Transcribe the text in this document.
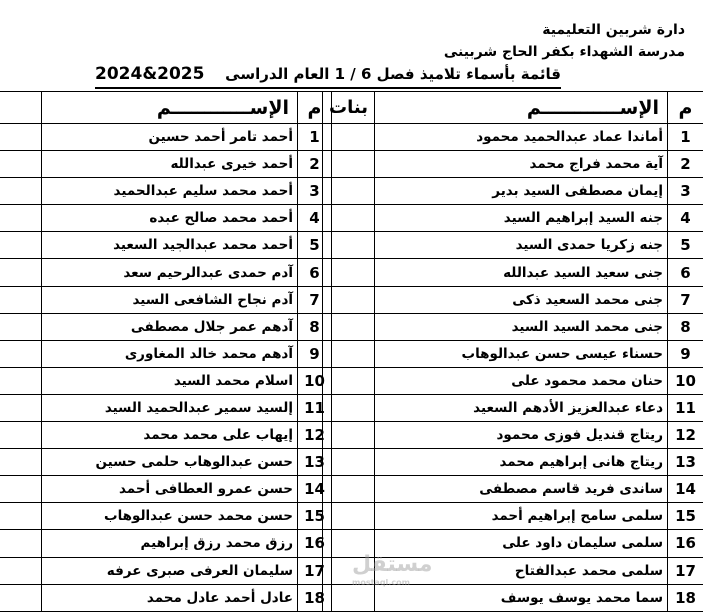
دارة شربين التعليمية
مدرسة الشهداء بكفر الحاج شربينى
قائمة بأسماء تلاميذ فصل 6 / 1 العام الدراسى
2024&2025
م	الإســــــــــــم	بنات
1	أماندا عماد عبدالحميد محمود	
2	آية محمد فراج محمد	
3	إيمان مصطفى السيد بدير	
4	جنه السيد إبراهيم السيد	
5	جنه زكريا حمدى السيد	
6	جنى سعيد السيد عبدالله	
7	جنى محمد السعيد ذكى	
8	جنى محمد السيد السيد	
9	حسناء عيسى حسن عبدالوهاب	
10	حنان محمد محمود على	
11	دعاء عبدالعزيز الأدهم السعيد	
12	ريتاج قنديل فوزى محمود	
13	ريتاج هانى إبراهيم محمد	
14	ساندى فريد قاسم مصطفى	
15	سلمى سامح إبراهيم أحمد	
16	سلمى سليمان داود على	
17	سلمى محمد عبدالفتاح	
18	سما محمد يوسف يوسف	
م	الإســــــــــــم	
1	أحمد تامر أحمد حسين	
2	أحمد خيرى عبدالله	
3	أحمد محمد سليم عبدالحميد	
4	أحمد محمد صالح عبده	
5	أحمد محمد عبدالجيد السعيد	
6	آدم حمدى عبدالرحيم سعد	
7	آدم نجاح الشافعى السيد	
8	آدهم عمر جلال مصطفى	
9	آدهم محمد خالد المغاورى	
10	اسلام محمد السيد	
11	إلسيد سمير عبدالحميد السيد	
12	إيهاب على محمد محمد	
13	حسن عبدالوهاب حلمى حسين	
14	حسن عمرو العطافى أحمد	
15	حسن محمد حسن عبدالوهاب	
16	رزق محمد رزق إبراهيم	
17	سليمان العرفى صبرى عرفه	
18	عادل أحمد عادل محمد	
مستقل
mostaql.com
